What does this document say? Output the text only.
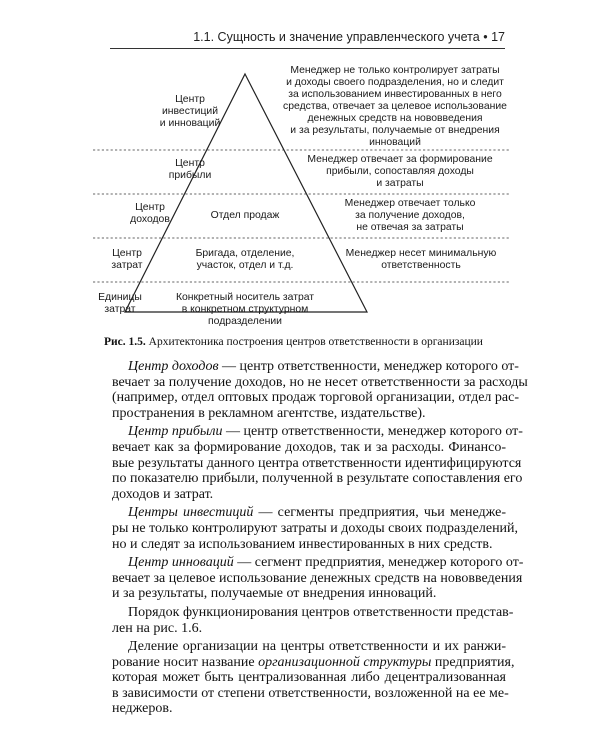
1.1. Сущность и значение управленческого учета • 17
Центр
инвестиций
и инноваций
Менеджер не только контролирует затраты
и доходы своего подразделения, но и следит
за использованием инвестированных в него
средства, отвечает за целевое использование
денежных средств на нововведения
и за результаты, получаемые от внедрения
инноваций
Центр
прибыли
Менеджер отвечает за формирование
прибыли, сопоставляя доходы
и затраты
Центр
доходов	Отдел продаж
Менеджер отвечает только
за получение доходов,
не отвечая за затраты
Центр
затрат
Бригада, отделение,
участок, отдел и т.д.
Менеджер несет минимальную
ответственность
Единицы
затрат
Конкретный носитель затрат
в конкретном структурном подразделении
Рис. 1.5. Архитектоника построения центров ответственности в организации
Центр доходов — центр ответственности, менеджер которого от-
вечает за получение доходов, но не несет ответственности за расходы
(например, отдел оптовых продаж торговой организации, отдел рас-
пространения в рекламном агентстве, издательстве).
Центр прибыли — центр ответственности, менеджер которого от-
вечает как за формирование доходов, так и за расходы. Финансо-
вые результаты данного центра ответственности идентифицируются
по показателю прибыли, полученной в результате сопоставления его
доходов и затрат.
Центры инвестиций — сегменты предприятия, чьи менедже-
ры не только контролируют затраты и доходы своих подразделений,
но и следят за использованием инвестированных в них средств.
Центр инноваций — сегмент предприятия, менеджер которого от-
вечает за целевое использование денежных средств на нововведения
и за результаты, получаемые от внедрения инноваций.
Порядок функционирования центров ответственности представ-
лен на рис. 1.6.
Деление организации на центры ответственности и их ранжи-
рование носит название организационной структуры предприятия,
которая может быть централизованная либо децентрализованная
в зависимости от степени ответственности, возложенной на ее ме-
неджеров.
